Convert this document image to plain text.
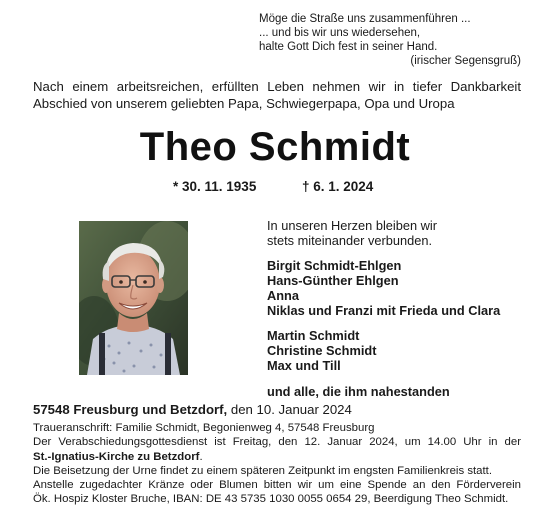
Möge die Straße uns zusammenführen ...
... und bis wir uns wiedersehen,
halte Gott Dich fest in seiner Hand.
(irischer Segensgruß)
Nach einem arbeitsreichen, erfüllten Leben nehmen wir in tiefer Dankbarkeit
Abschied von unserem geliebten Papa, Schwiegerpapa, Opa und Uropa
Theo Schmidt
* 30. 11. 1935	† 6. 1. 2024
In unseren Herzen bleiben wir
stets miteinander verbunden.
Birgit Schmidt-Ehlgen
Hans-Günther Ehlgen
Anna
Niklas und Franzi mit Frieda und Clara
Martin Schmidt
Christine Schmidt
Max und Till
und alle, die ihm nahestanden
57548 Freusburg und Betzdorf, den 10. Januar 2024
Traueranschrift: Familie Schmidt, Begonienweg 4, 57548 Freusburg
Der Verabschiedungsgottesdienst ist Freitag, den 12. Januar 2024, um 14.00 Uhr in der
St.-Ignatius-Kirche zu Betzdorf.
Die Beisetzung der Urne findet zu einem späteren Zeitpunkt im engsten Familienkreis statt.
Anstelle zugedachter Kränze oder Blumen bitten wir um eine Spende an den Förderverein
Ök. Hospiz Kloster Bruche, IBAN: DE 43 5735 1030 0055 0654 29, Beerdigung Theo Schmidt.
